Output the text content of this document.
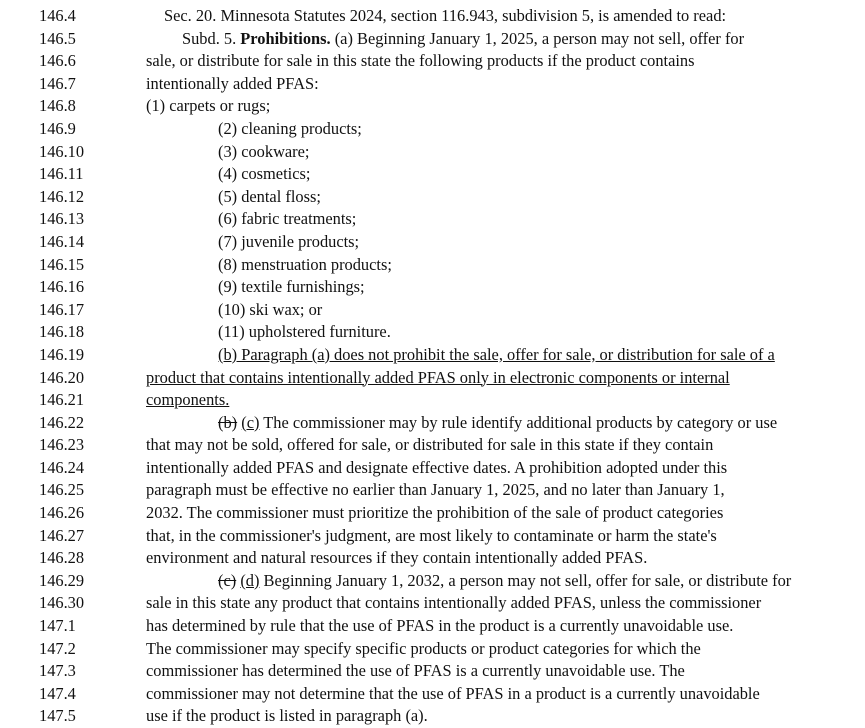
146.4	Sec. 20. Minnesota Statutes 2024, section 116.943, subdivision 5, is amended to read:
146.5	Subd. 5. Prohibitions. (a) Beginning January 1, 2025, a person may not sell, offer for
146.6	sale, or distribute for sale in this state the following products if the product contains
146.7	intentionally added PFAS:
146.8	(1) carpets or rugs;
146.9	(2) cleaning products;
146.10	(3) cookware;
146.11	(4) cosmetics;
146.12	(5) dental floss;
146.13	(6) fabric treatments;
146.14	(7) juvenile products;
146.15	(8) menstruation products;
146.16	(9) textile furnishings;
146.17	(10) ski wax; or
146.18	(11) upholstered furniture.
146.19	(b) Paragraph (a) does not prohibit the sale, offer for sale, or distribution for sale of a
146.20	product that contains intentionally added PFAS only in electronic components or internal
146.21	components.
146.22	(b) (c) The commissioner may by rule identify additional products by category or use
146.23	that may not be sold, offered for sale, or distributed for sale in this state if they contain
146.24	intentionally added PFAS and designate effective dates. A prohibition adopted under this
146.25	paragraph must be effective no earlier than January 1, 2025, and no later than January 1,
146.26	2032. The commissioner must prioritize the prohibition of the sale of product categories
146.27	that, in the commissioner's judgment, are most likely to contaminate or harm the state's
146.28	environment and natural resources if they contain intentionally added PFAS.
146.29	(c) (d) Beginning January 1, 2032, a person may not sell, offer for sale, or distribute for
146.30	sale in this state any product that contains intentionally added PFAS, unless the commissioner
147.1	has determined by rule that the use of PFAS in the product is a currently unavoidable use.
147.2	The commissioner may specify specific products or product categories for which the
147.3	commissioner has determined the use of PFAS is a currently unavoidable use. The
147.4	commissioner may not determine that the use of PFAS in a product is a currently unavoidable
147.5	use if the product is listed in paragraph (a).
